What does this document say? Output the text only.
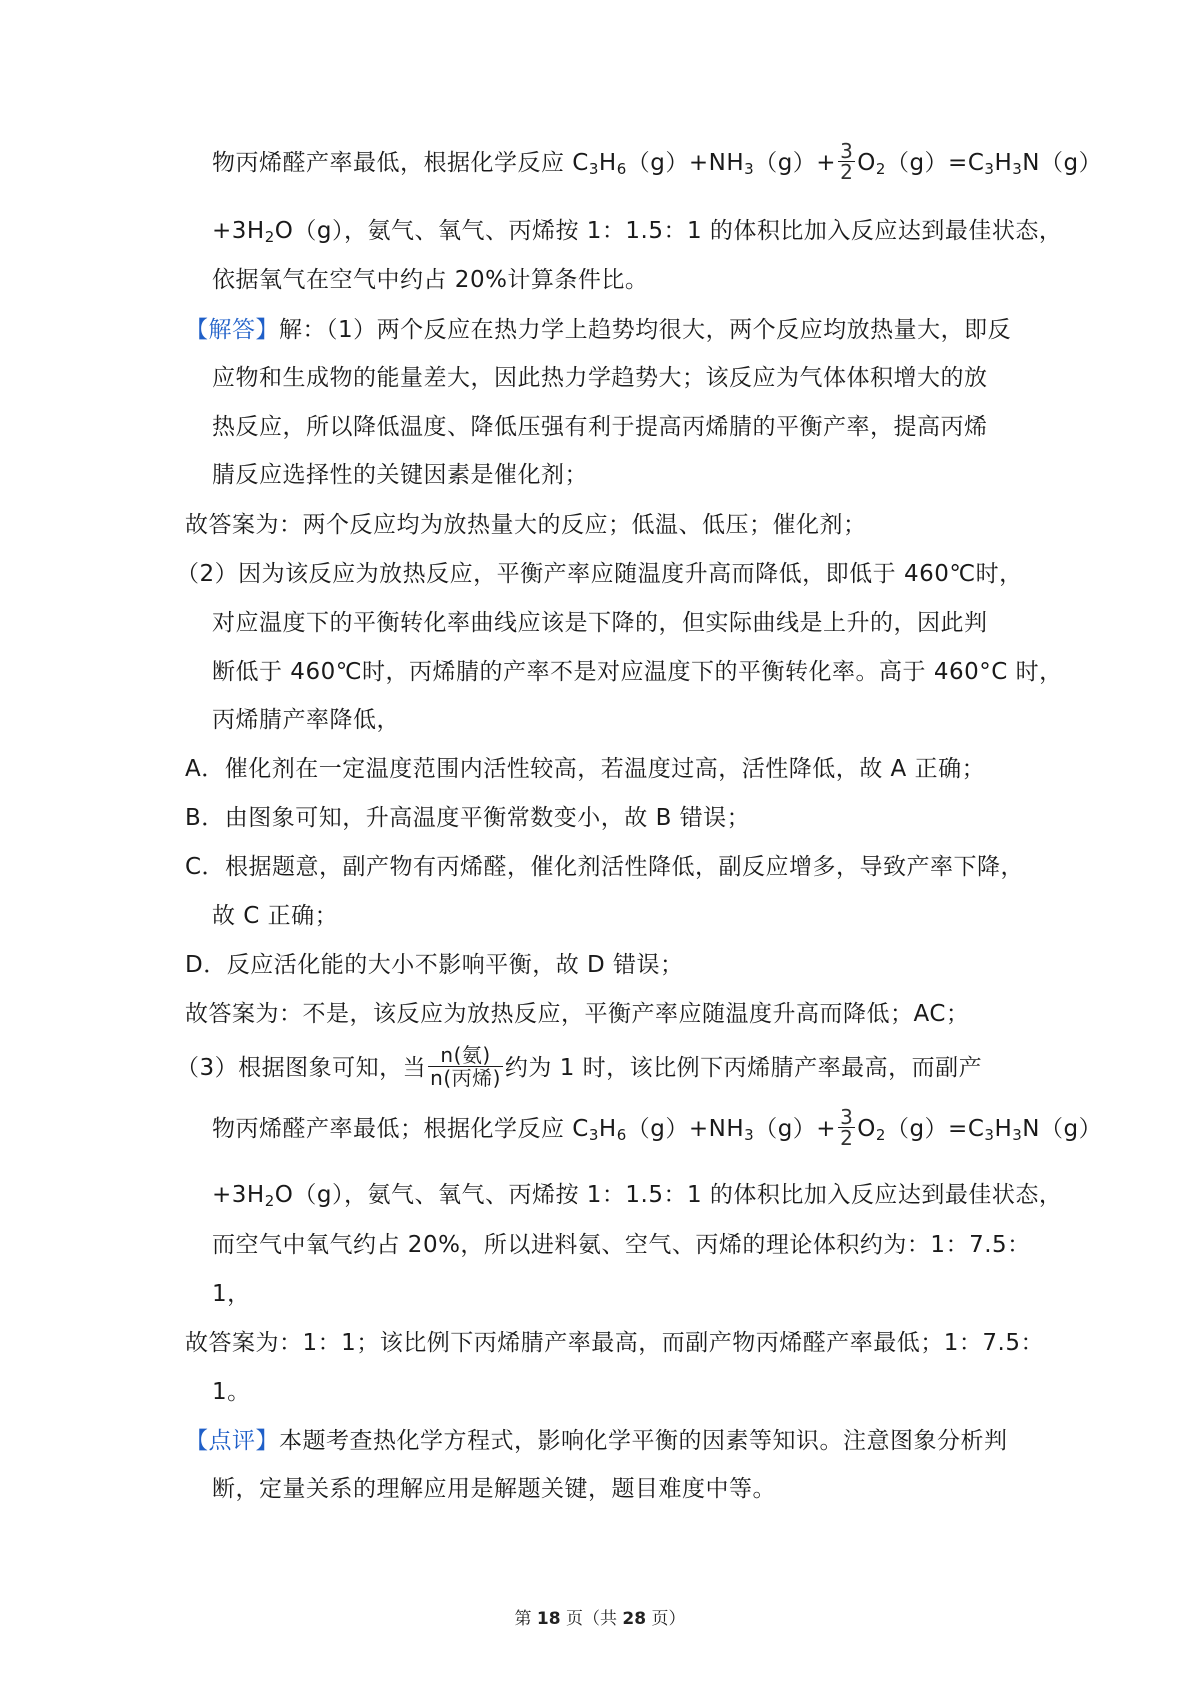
物丙烯醛产率最低，根据化学反应 $C_3H_6(g)+NH_3(g)+ \frac{3}{2} O_2(g)=C_3H_3N(g)$
$+3H_2O(g)$，氨气、氧气、丙烯按 1：1.5：1 的体积比加入反应达到最佳状态，
依据氧气在空气中约占 20%计算条件比。
【解答】解：（1）两个反应在热力学上趋势均很大，两个反应均放热量大，即反
应物和生成物的能量差大，因此热力学趋势大；该反应为气体体积增大的放
热反应，所以降低温度、降低压强有利于提高丙烯腈的平衡产率，提高丙烯
腈反应选择性的关键因素是催化剂；
故答案为：两个反应均为放热量大的反应；低温、低压；催化剂；
（2）因为该反应为放热反应，平衡产率应随温度升高而降低，即低于 460℃时，
对应温度下的平衡转化率曲线应该是下降的，但实际曲线是上升的，因此判
断低于 460℃时，丙烯腈的产率不是对应温度下的平衡转化率。高于 460°C 时，
丙烯腈产率降低，
A．催化剂在一定温度范围内活性较高，若温度过高，活性降低，故 A 正确；
B．由图象可知，升高温度平衡常数变小，故 B 错误；
C．根据题意，副产物有丙烯醛，催化剂活性降低，副反应增多，导致产率下降，
故 C 正确；
D．反应活化能的大小不影响平衡，故 D 错误；
故答案为：不是，该反应为放热反应，平衡产率应随温度升高而降低；AC；
（3）根据图象可知，当 $\frac{\text{n(氨)}}{\text{n(丙烯)}}$ 约为 1 时，该比例下丙烯腈产率最高，而副产
物丙烯醛产率最低；根据化学反应 $C_3H_6(g)+NH_3(g)+ \frac{3}{2} O_2(g)=C_3H_3N(g)$
$+3H_2O(g)$，氨气、氧气、丙烯按 1：1.5：1 的体积比加入反应达到最佳状态，
而空气中氧气约占 20%，所以进料氨、空气、丙烯的理论体积约为：1：7.5：
1，
故答案为：1：1；该比例下丙烯腈产率最高，而副产物丙烯醛产率最低；1：7.5：
1。
【点评】本题考查热化学方程式，影响化学平衡的因素等知识。注意图象分析判
断，定量关系的理解应用是解题关键，题目难度中等。
第 18 页（共 28 页）
